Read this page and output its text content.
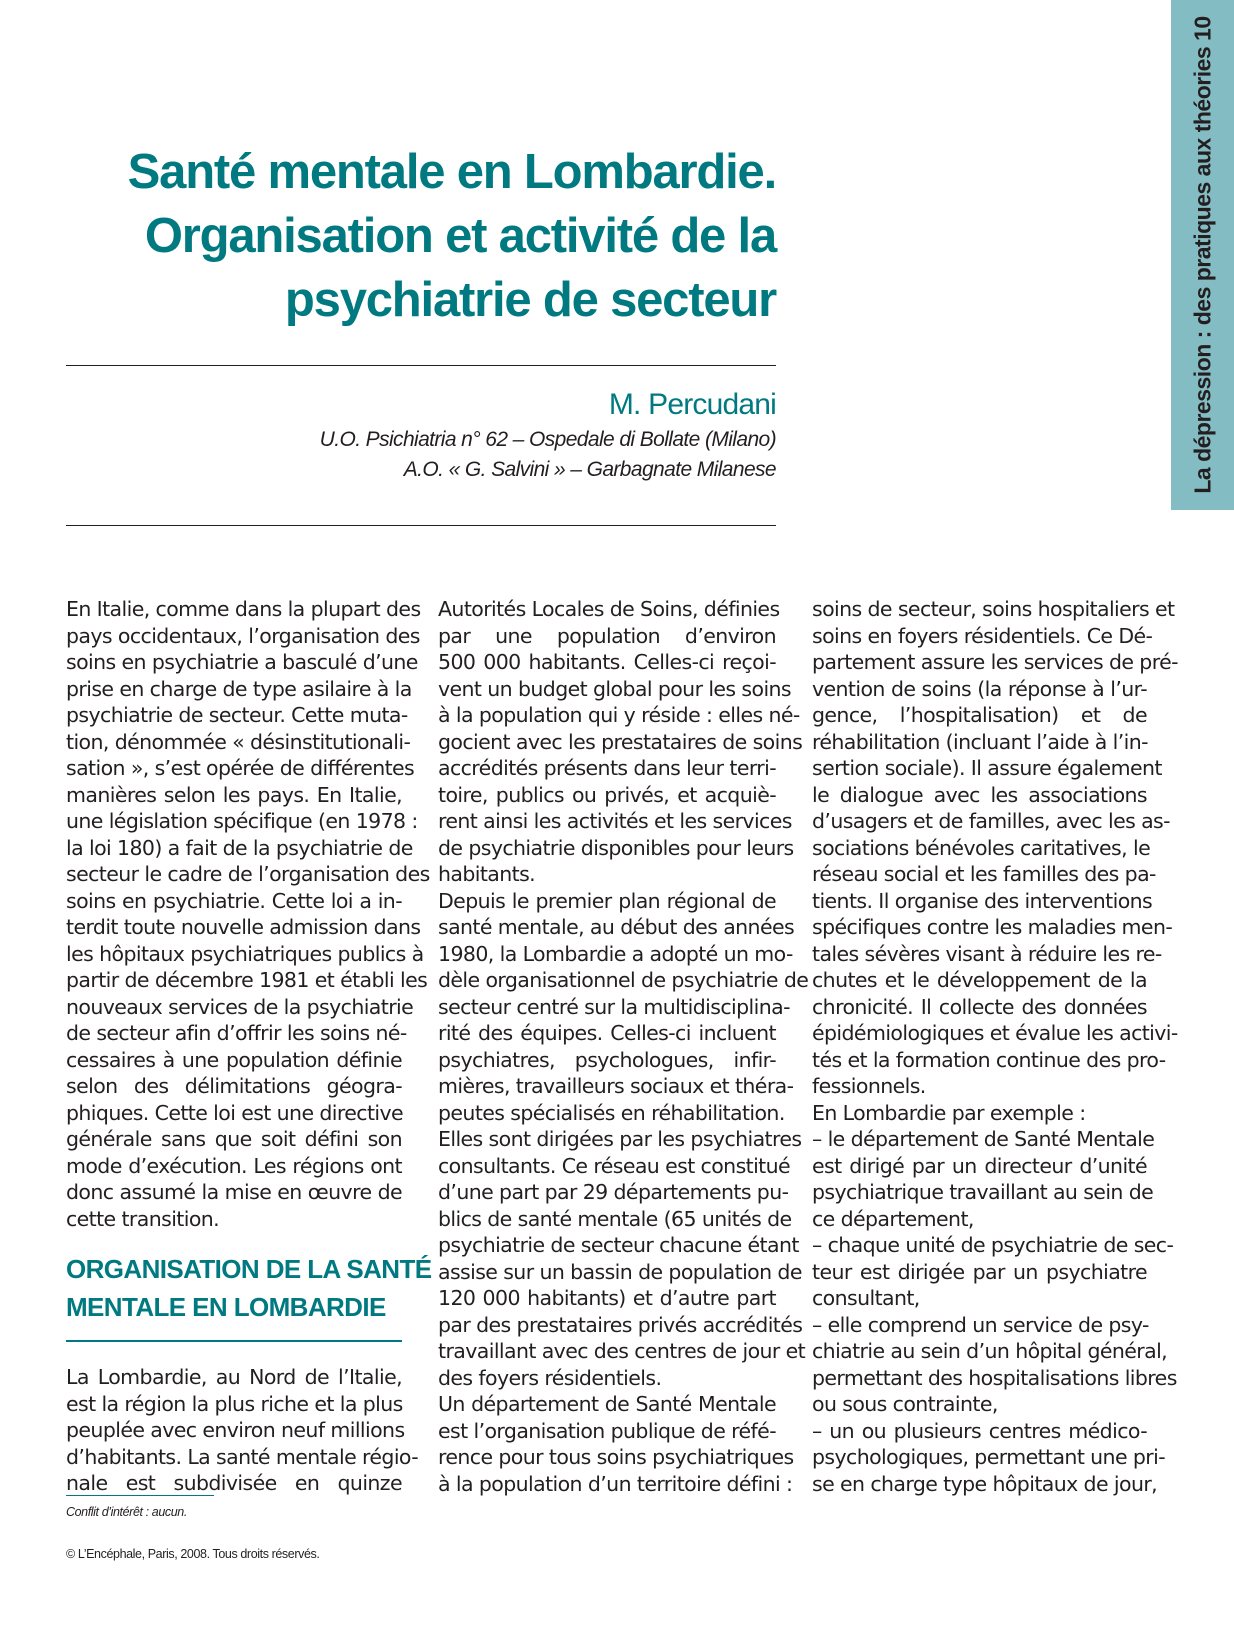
La dépression : des pratiques aux théories 10
Santé mentale en Lombardie.
Organisation et activité de la
psychiatrie de secteur
M. Percudani
U.O. Psichiatria n° 62 – Ospedale di Bollate (Milano)
A.O. « G. Salvini » – Garbagnate Milanese

En Italie, comme dans la plupart des
pays occidentaux, l’organisation des
soins en psychiatrie a basculé d’une
prise en charge de type asilaire à la
psychiatrie de secteur. Cette muta-
tion, dénommée « désinstitutionali-
sation », s’est opérée de différentes
manières selon les pays. En Italie,
une législation spécifique (en 1978 :
la loi 180) a fait de la psychiatrie de
secteur le cadre de l’organisation des
soins en psychiatrie. Cette loi a in-
terdit toute nouvelle admission dans
les hôpitaux psychiatriques publics à
partir de décembre 1981 et établi les
nouveaux services de la psychiatrie
de secteur afin d’offrir les soins né-
cessaires à une population définie
selon des délimitations géogra-
phiques. Cette loi est une directive
générale sans que soit défini son
mode d’exécution. Les régions ont
donc assumé la mise en œuvre de
cette transition.

ORGANISATION DE LA SANTÉ
MENTALE EN LOMBARDIE

La Lombardie, au Nord de l’Italie,
est la région la plus riche et la plus
peuplée avec environ neuf millions
d’habitants. La santé mentale régio-
nale est subdivisée en quinze

Autorités Locales de Soins, définies
par une population d’environ
500 000 habitants. Celles-ci reçoi-
vent un budget global pour les soins
à la population qui y réside : elles né-
gocient avec les prestataires de soins
accrédités présents dans leur terri-
toire, publics ou privés, et acquiè-
rent ainsi les activités et les services
de psychiatrie disponibles pour leurs
habitants.

Depuis le premier plan régional de
santé mentale, au début des années
1980, la Lombardie a adopté un mo-
dèle organisationnel de psychiatrie de
secteur centré sur la multidisciplina-
rité des équipes. Celles-ci incluent
psychiatres, psychologues, infir-
mières, travailleurs sociaux et théra-
peutes spécialisés en réhabilitation.
Elles sont dirigées par les psychiatres
consultants. Ce réseau est constitué
d’une part par 29 départements pu-
blics de santé mentale (65 unités de
psychiatrie de secteur chacune étant
assise sur un bassin de population de
120 000 habitants) et d’autre part
par des prestataires privés accrédités
travaillant avec des centres de jour et
des foyers résidentiels.

Un département de Santé Mentale
est l’organisation publique de réfé-
rence pour tous soins psychiatriques
à la population d’un territoire défini :

soins de secteur, soins hospitaliers et
soins en foyers résidentiels. Ce Dé-
partement assure les services de pré-
vention de soins (la réponse à l’ur-
gence, l’hospitalisation) et de
réhabilitation (incluant l’aide à l’in-
sertion sociale). Il assure également
le dialogue avec les associations
d’usagers et de familles, avec les as-
sociations bénévoles caritatives, le
réseau social et les familles des pa-
tients. Il organise des interventions
spécifiques contre les maladies men-
tales sévères visant à réduire les re-
chutes et le développement de la
chronicité. Il collecte des données
épidémiologiques et évalue les activi-
tés et la formation continue des pro-
fessionnels.

En Lombardie par exemple :

– le département de Santé Mentale
est dirigé par un directeur d’unité
psychiatrique travaillant au sein de
ce département,

– chaque unité de psychiatrie de sec-
teur est dirigée par un psychiatre
consultant,

– elle comprend un service de psy-
chiatrie au sein d’un hôpital général,
permettant des hospitalisations libres
ou sous contrainte,

– un ou plusieurs centres médico-
psychologiques, permettant une pri-
se en charge type hôpitaux de jour,

Conflit d’intérêt : aucun.
© L’Encéphale, Paris, 2008. Tous droits réservés.
